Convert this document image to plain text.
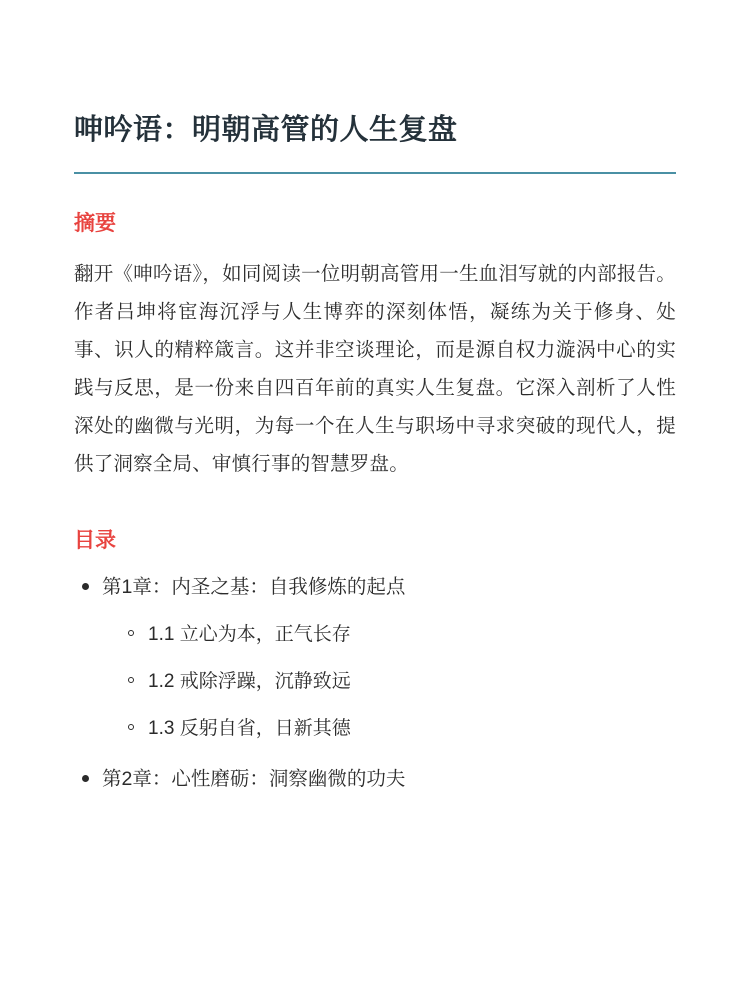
呻吟语：明朝高管的人生复盘
摘要

翻开《呻吟语》，如同阅读一位明朝高管用一生血泪写就的内部报告。作者吕坤将宦海沉浮与人生博弈的深刻体悟，凝练为关于修身、处事、识人的精粹箴言。这并非空谈理论，而是源自权力漩涡中心的实践与反思，是一份来自四百年前的真实人生复盘。它深入剖析了人性深处的幽微与光明，为每一个在人生与职场中寻求突破的现代人，提供了洞察全局、审慎行事的智慧罗盘。

目录
第1章：内圣之基：自我修炼的起点
1.1 立心为本，正气长存
1.2 戒除浮躁，沉静致远
1.3 反躬自省，日新其德
第2章：心性磨砺：洞察幽微的功夫
